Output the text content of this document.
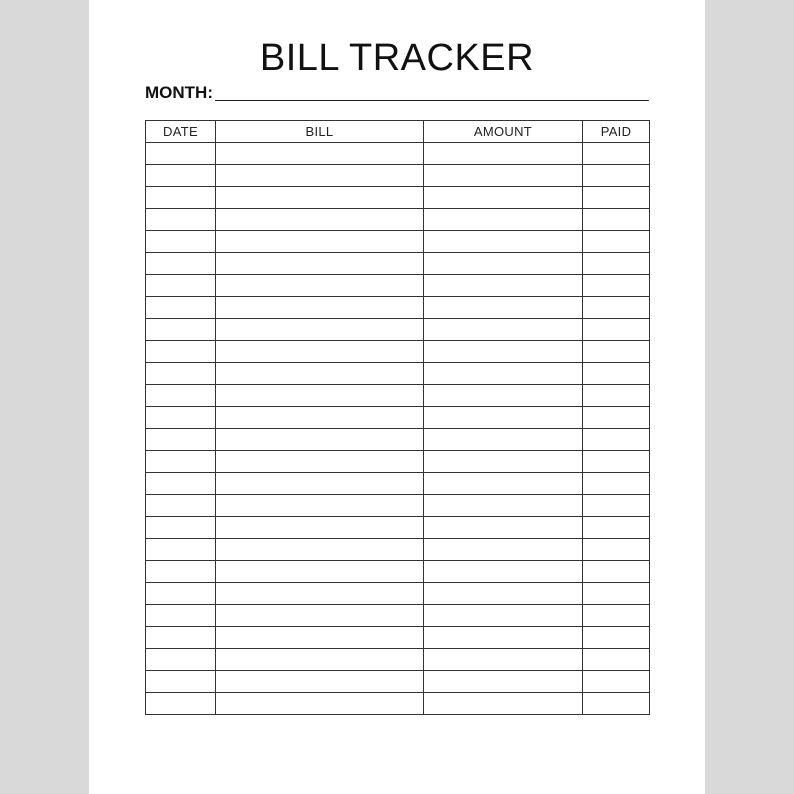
BILL TRACKER
MONTH:
DATE	BILL	AMOUNT	PAID
